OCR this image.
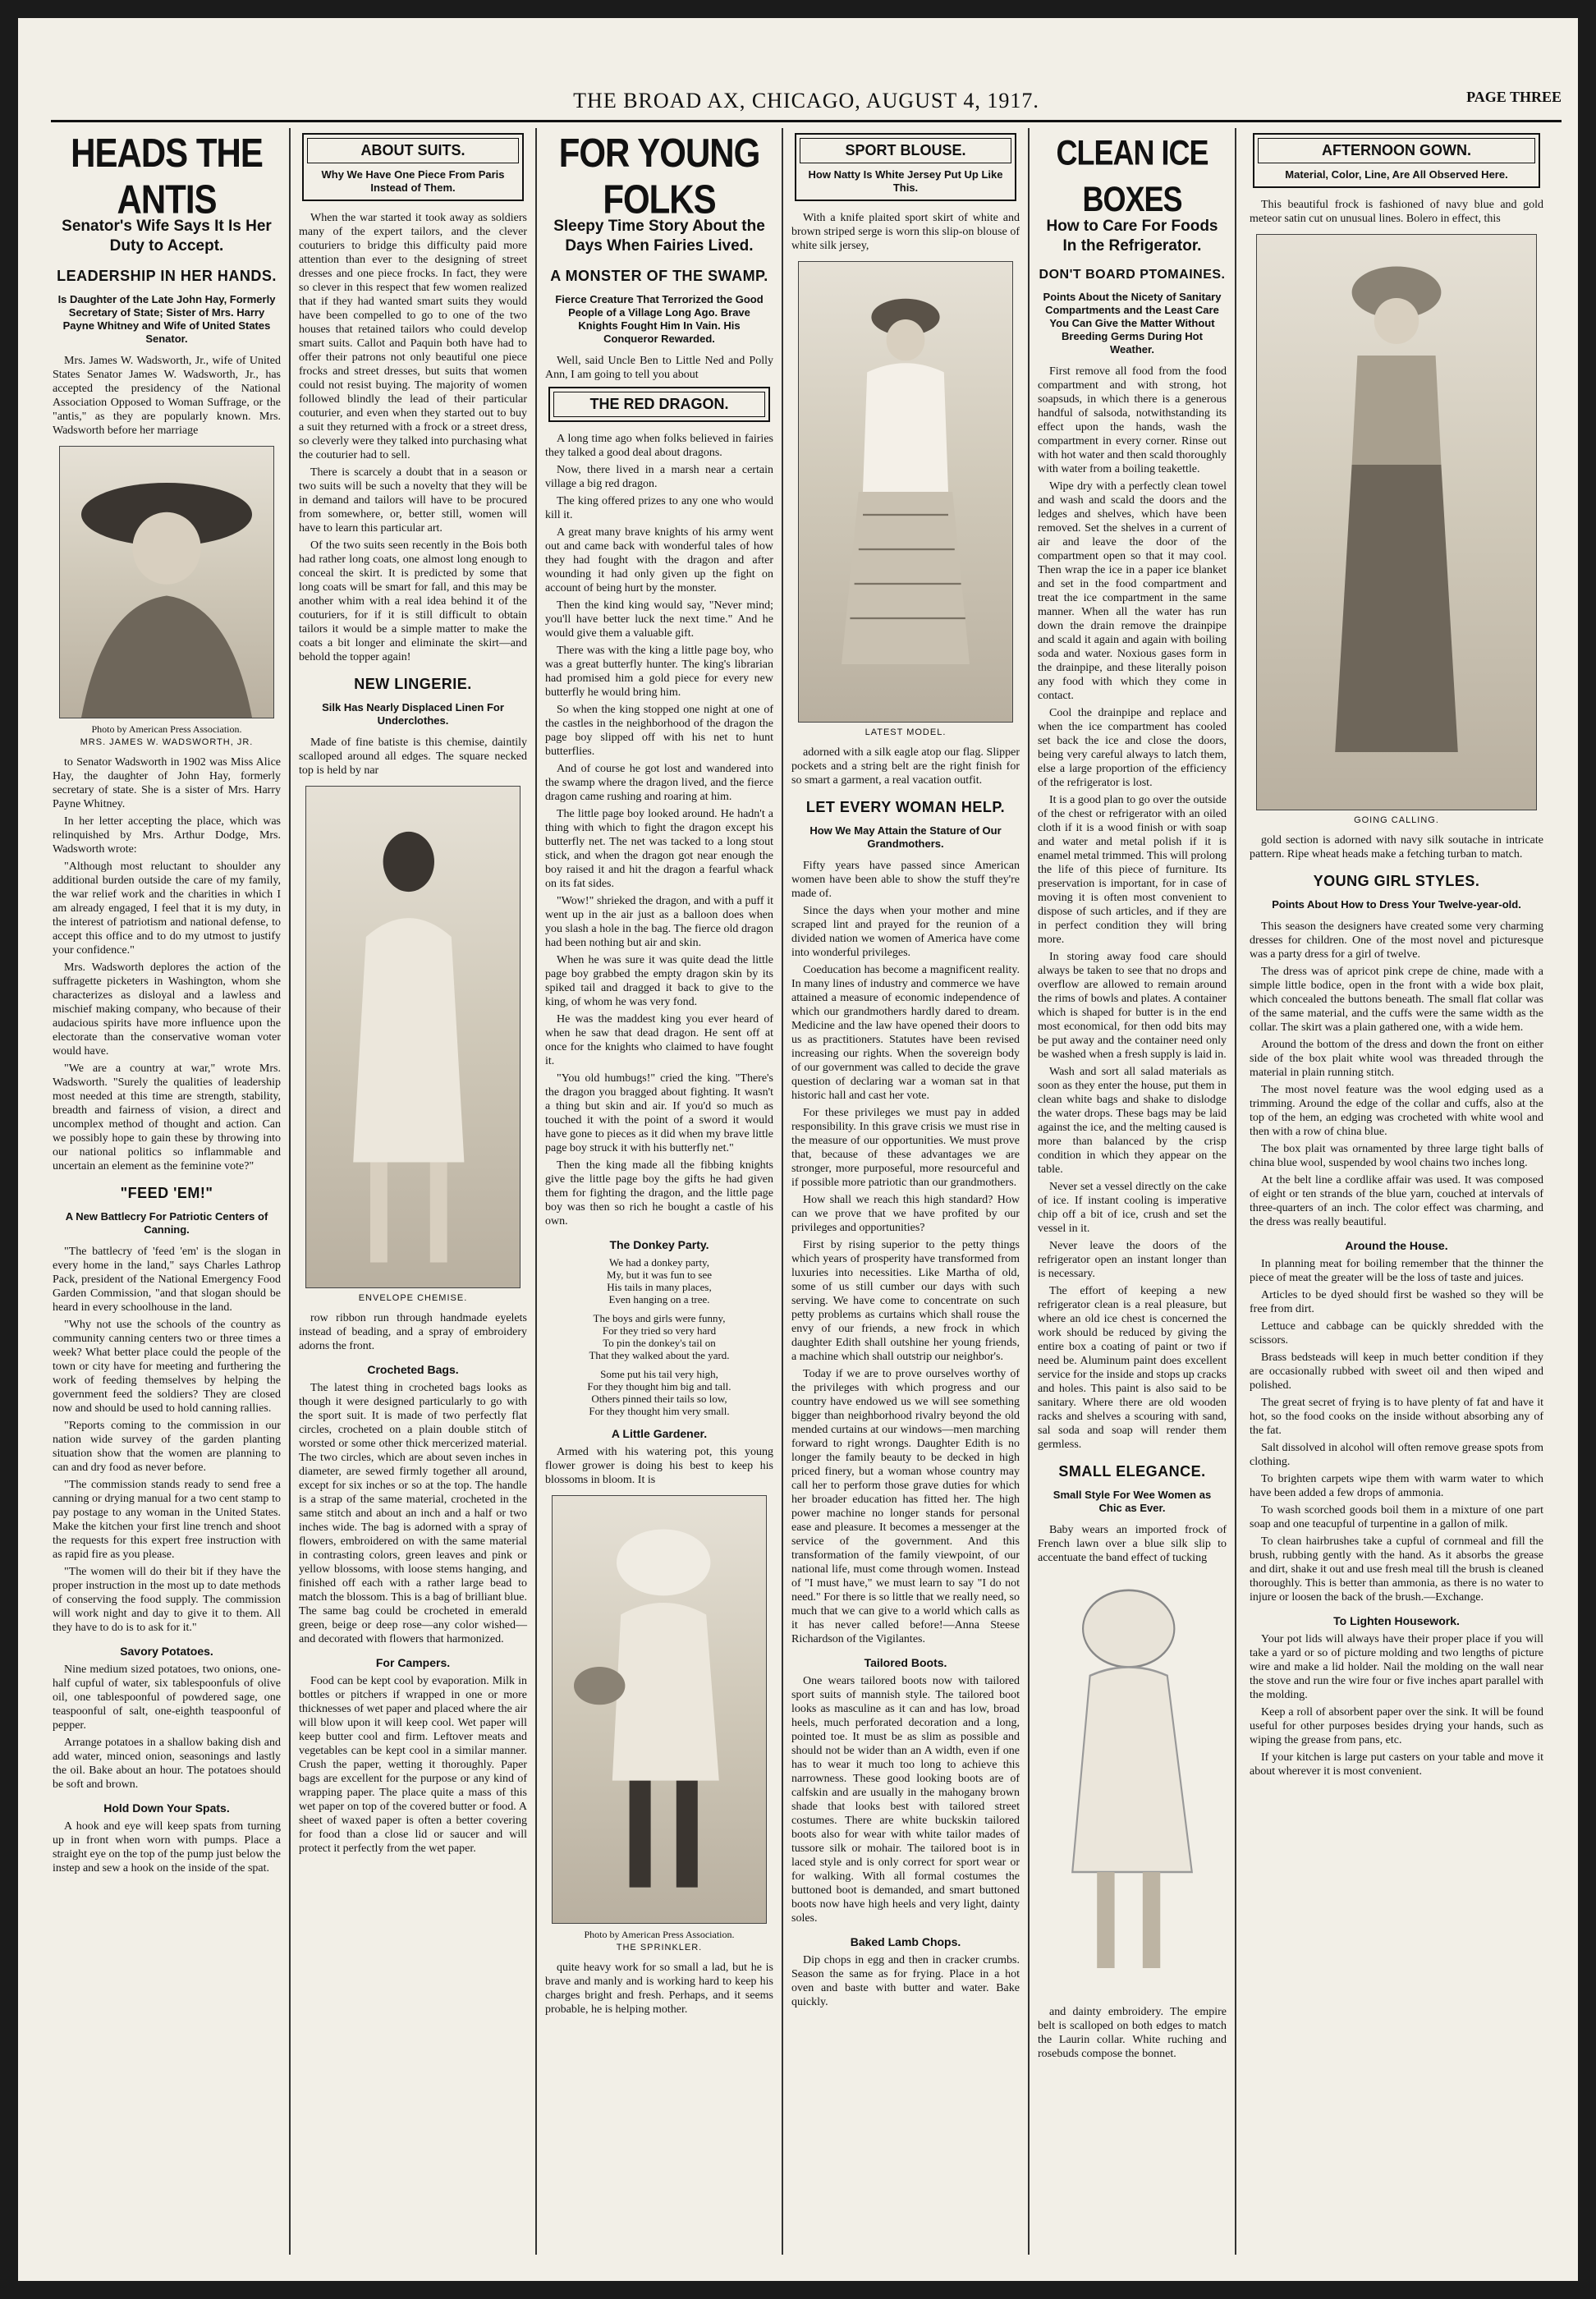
THE BROAD AX, CHICAGO, AUGUST 4, 1917.	PAGE THREE
HEADS THE ANTIS
Senator's Wife Says It Is Her Duty to Accept.
LEADERSHIP IN HER HANDS.
Is Daughter of the Late John Hay, Formerly Secretary of State; Sister of Mrs. Harry Payne Whitney and Wife of United States Senator.

Mrs. James W. Wadsworth, Jr., wife of United States Senator James W. Wadsworth, Jr., has accepted the presidency of the National Association Opposed to Woman Suffrage, or the "antis," as they are popularly known. Mrs. Wadsworth before her marriage

Photo by American Press Association.
MRS. JAMES W. WADSWORTH, JR.

to Senator Wadsworth in 1902 was Miss Alice Hay, the daughter of John Hay, formerly secretary of state. She is a sister of Mrs. Harry Payne Whitney.

In her letter accepting the place, which was relinquished by Mrs. Arthur Dodge, Mrs. Wadsworth wrote:

"Although most reluctant to shoulder any additional burden outside the care of my family, the war relief work and the charities in which I am already engaged, I feel that it is my duty, in the interest of patriotism and national defense, to accept this office and to do my utmost to justify your confidence."

Mrs. Wadsworth deplores the action of the suffragette picketers in Washington, whom she characterizes as disloyal and a lawless and mischief making company, who because of their audacious spirits have more influence upon the electorate than the conservative woman voter would have.

"We are a country at war," wrote Mrs. Wadsworth. "Surely the qualities of leadership most needed at this time are strength, stability, breadth and fairness of vision, a direct and uncomplex method of thought and action. Can we possibly hope to gain these by throwing into our national politics so inflammable and uncertain an element as the feminine vote?"

"FEED 'EM!"
A New Battlecry For Patriotic Centers of Canning.

"The battlecry of 'feed 'em' is the slogan in every home in the land," says Charles Lathrop Pack, president of the National Emergency Food Garden Commission, "and that slogan should be heard in every schoolhouse in the land.

"Why not use the schools of the country as community canning centers two or three times a week? What better place could the people of the town or city have for meeting and furthering the work of feeding themselves by helping the government feed the soldiers? They are closed now and should be used to hold canning rallies.

"Reports coming to the commission in our nation wide survey of the garden planting situation show that the women are planning to can and dry food as never before.

"The commission stands ready to send free a canning or drying manual for a two cent stamp to pay postage to any woman in the United States. Make the kitchen your first line trench and shoot the requests for this expert free instruction with as rapid fire as you please.

"The women will do their bit if they have the proper instruction in the most up to date methods of conserving the food supply. The commission will work night and day to give it to them. All they have to do is to ask for it."

Savory Potatoes.

Nine medium sized potatoes, two onions, one-half cupful of water, six tablespoonfuls of olive oil, one tablespoonful of powdered sage, one teaspoonful of salt, one-eighth teaspoonful of pepper.

Arrange potatoes in a shallow baking dish and add water, minced onion, seasonings and lastly the oil. Bake about an hour. The potatoes should be soft and brown.

Hold Down Your Spats.

A hook and eye will keep spats from turning up in front when worn with pumps. Place a straight eye on the top of the pump just below the instep and sew a hook on the inside of the spat.

ABOUT SUITS.
Why We Have One Piece From Paris Instead of Them.

When the war started it took away as soldiers many of the expert tailors, and the clever couturiers to bridge this difficulty paid more attention than ever to the designing of street dresses and one piece frocks. In fact, they were so clever in this respect that few women realized that if they had wanted smart suits they would have been compelled to go to one of the two houses that retained tailors who could develop smart suits. Callot and Paquin both have had to offer their patrons not only beautiful one piece frocks and street dresses, but suits that women could not resist buying. The majority of women followed blindly the lead of their particular couturier, and even when they started out to buy a suit they returned with a frock or a street dress, so cleverly were they talked into purchasing what the couturier had to sell.

There is scarcely a doubt that in a season or two suits will be such a novelty that they will be in demand and tailors will have to be procured from somewhere, or, better still, women will have to learn this particular art.

Of the two suits seen recently in the Bois both had rather long coats, one almost long enough to conceal the skirt. It is predicted by some that long coats will be smart for fall, and this may be another whim with a real idea behind it of the couturiers, for if it is still difficult to obtain tailors it would be a simple matter to make the coats a bit longer and eliminate the skirt—and behold the topper again!

NEW LINGERIE.
Silk Has Nearly Displaced Linen For Underclothes.

Made of fine batiste is this chemise, daintily scalloped around all edges. The square necked top is held by nar

ENVELOPE CHEMISE.

row ribbon run through handmade eyelets instead of beading, and a spray of embroidery adorns the front.

Crocheted Bags.

The latest thing in crocheted bags looks as though it were designed particularly to go with the sport suit. It is made of two perfectly flat circles, crocheted on a plain double stitch of worsted or some other thick mercerized material. The two circles, which are about seven inches in diameter, are sewed firmly together all around, except for six inches or so at the top. The handle is a strap of the same material, crocheted in the same stitch and about an inch and a half or two inches wide. The bag is adorned with a spray of flowers, embroidered on with the same material in contrasting colors, green leaves and pink or yellow blossoms, with loose stems hanging, and finished off each with a rather large bead to match the blossom. This is a bag of brilliant blue. The same bag could be crocheted in emerald green, beige or deep rose—any color wished—and decorated with flowers that harmonized.

For Campers.

Food can be kept cool by evaporation. Milk in bottles or pitchers if wrapped in one or more thicknesses of wet paper and placed where the air will blow upon it will keep cool. Wet paper will keep butter cool and firm. Leftover meats and vegetables can be kept cool in a similar manner. Crush the paper, wetting it thoroughly. Paper bags are excellent for the purpose or any kind of wrapping paper. The place quite a mass of this wet paper on top of the covered butter or food. A sheet of waxed paper is often a better covering for food than a close lid or saucer and will protect it perfectly from the wet paper.

FOR YOUNG FOLKS
Sleepy Time Story About the Days When Fairies Lived.
A MONSTER OF THE SWAMP.
Fierce Creature That Terrorized the Good People of a Village Long Ago. Brave Knights Fought Him In Vain. His Conqueror Rewarded.

Well, said Uncle Ben to Little Ned and Polly Ann, I am going to tell you about

THE RED DRAGON.

A long time ago when folks believed in fairies they talked a good deal about dragons.

Now, there lived in a marsh near a certain village a big red dragon.

The king offered prizes to any one who would kill it.

A great many brave knights of his army went out and came back with wonderful tales of how they had fought with the dragon and after wounding it had only given up the fight on account of being hurt by the monster.

Then the kind king would say, "Never mind; you'll have better luck the next time." And he would give them a valuable gift.

There was with the king a little page boy, who was a great butterfly hunter. The king's librarian had promised him a gold piece for every new butterfly he would bring him.

So when the king stopped one night at one of the castles in the neighborhood of the dragon the page boy slipped off with his net to hunt butterflies.

And of course he got lost and wandered into the swamp where the dragon lived, and the fierce dragon came rushing and roaring at him.

The little page boy looked around. He hadn't a thing with which to fight the dragon except his butterfly net. The net was tacked to a long stout stick, and when the dragon got near enough the boy raised it and hit the dragon a fearful whack on its fat sides.

"Wow!" shrieked the dragon, and with a puff it went up in the air just as a balloon does when you slash a hole in the bag. The fierce old dragon had been nothing but air and skin.

When he was sure it was quite dead the little page boy grabbed the empty dragon skin by its spiked tail and dragged it back to give to the king, of whom he was very fond.

He was the maddest king you ever heard of when he saw that dead dragon. He sent off at once for the knights who claimed to have fought it.

"You old humbugs!" cried the king. "There's the dragon you bragged about fighting. It wasn't a thing but skin and air. If you'd so much as touched it with the point of a sword it would have gone to pieces as it did when my brave little page boy struck it with his butterfly net."

Then the king made all the fibbing knights give the little page boy the gifts he had given them for fighting the dragon, and the little page boy was then so rich he bought a castle of his own.

The Donkey Party.
We had a donkey party,
My, but it was fun to see
His tails in many places,
Even hanging on a tree.
The boys and girls were funny,
For they tried so very hard
To pin the donkey's tail on
That they walked about the yard.
Some put his tail very high,
For they thought him big and tall.
Others pinned their tails so low,
For they thought him very small.
A Little Gardener.

Armed with his watering pot, this young flower grower is doing his best to keep his blossoms in bloom. It is

Photo by American Press Association.
THE SPRINKLER.

quite heavy work for so small a lad, but he is brave and manly and is working hard to keep his charges bright and fresh. Perhaps, and it seems probable, he is helping mother.

SPORT BLOUSE.
How Natty Is White Jersey Put Up Like This.

With a knife plaited sport skirt of white and brown striped serge is worn this slip-on blouse of white silk jersey,

LATEST MODEL.

adorned with a silk eagle atop our flag. Slipper pockets and a string belt are the right finish for so smart a garment, a real vacation outfit.

LET EVERY WOMAN HELP.
How We May Attain the Stature of Our Grandmothers.

Fifty years have passed since American women have been able to show the stuff they're made of.

Since the days when your mother and mine scraped lint and prayed for the reunion of a divided nation we women of America have come into wonderful privileges.

Coeducation has become a magnificent reality. In many lines of industry and commerce we have attained a measure of economic independence of which our grandmothers hardly dared to dream. Medicine and the law have opened their doors to us as practitioners. Statutes have been revised increasing our rights. When the sovereign body of our government was called to decide the grave question of declaring war a woman sat in that historic hall and cast her vote.

For these privileges we must pay in added responsibility. In this grave crisis we must rise in the measure of our opportunities. We must prove that, because of these advantages we are stronger, more purposeful, more resourceful and if possible more patriotic than our grandmothers.

How shall we reach this high standard? How can we prove that we have profited by our privileges and opportunities?

First by rising superior to the petty things which years of prosperity have transformed from luxuries into necessities. Like Martha of old, some of us still cumber our days with such serving. We have come to concentrate on such petty problems as curtains which shall rouse the envy of our friends, a new frock in which daughter Edith shall outshine her young friends, a machine which shall outstrip our neighbor's.

Today if we are to prove ourselves worthy of the privileges with which progress and our country have endowed us we will see something bigger than neighborhood rivalry beyond the old mended curtains at our windows—men marching forward to right wrongs. Daughter Edith is no longer the family beauty to be decked in high priced finery, but a woman whose country may call her to perform those grave duties for which her broader education has fitted her. The high power machine no longer stands for personal ease and pleasure. It becomes a messenger at the service of the government. And this transformation of the family viewpoint, of our national life, must come through women. Instead of "I must have," we must learn to say "I do not need." For there is so little that we really need, so much that we can give to a world which calls as it has never called before!—Anna Steese Richardson of the Vigilantes.

Tailored Boots.

One wears tailored boots now with tailored sport suits of mannish style. The tailored boot looks as masculine as it can and has low, broad heels, much perforated decoration and a long, pointed toe. It must be as slim as possible and should not be wider than an A width, even if one has to wear it much too long to achieve this narrowness. These good looking boots are of calfskin and are usually in the mahogany brown shade that looks best with tailored street costumes. There are white buckskin tailored boots also for wear with white tailor mades of tussore silk or mohair. The tailored boot is in laced style and is only correct for sport wear or for walking. With all formal costumes the buttoned boot is demanded, and smart buttoned boots now have high heels and very light, dainty soles.

Baked Lamb Chops.

Dip chops in egg and then in cracker crumbs. Season the same as for frying. Place in a hot oven and baste with butter and water. Bake quickly.

CLEAN ICE BOXES
How to Care For Foods In the Refrigerator.
DON'T BOARD PTOMAINES.
Points About the Nicety of Sanitary Compartments and the Least Care You Can Give the Matter Without Breeding Germs During Hot Weather.

First remove all food from the food compartment and with strong, hot soapsuds, in which there is a generous handful of salsoda, notwithstanding its effect upon the hands, wash the compartment in every corner. Rinse out with hot water and then scald thoroughly with water from a boiling teakettle.

Wipe dry with a perfectly clean towel and wash and scald the doors and the ledges and shelves, which have been removed. Set the shelves in a current of air and leave the door of the compartment open so that it may cool. Then wrap the ice in a paper ice blanket and set in the food compartment and treat the ice compartment in the same manner. When all the water has run down the drain remove the drainpipe and scald it again and again with boiling soda and water. Noxious gases form in the drainpipe, and these literally poison any food with which they come in contact.

Cool the drainpipe and replace and when the ice compartment has cooled set back the ice and close the doors, being very careful always to latch them, else a large proportion of the efficiency of the refrigerator is lost.

It is a good plan to go over the outside of the chest or refrigerator with an oiled cloth if it is a wood finish or with soap and water and metal polish if it is enamel metal trimmed. This will prolong the life of this piece of furniture. Its preservation is important, for in case of moving it is often most convenient to dispose of such articles, and if they are in perfect condition they will bring more.

In storing away food care should always be taken to see that no drops and overflow are allowed to remain around the rims of bowls and plates. A container which is shaped for butter is in the end most economical, for then odd bits may be put away and the container need only be washed when a fresh supply is laid in.

Wash and sort all salad materials as soon as they enter the house, put them in clean white bags and shake to dislodge the water drops. These bags may be laid against the ice, and the melting caused is more than balanced by the crisp condition in which they appear on the table.

Never set a vessel directly on the cake of ice. If instant cooling is imperative chip off a bit of ice, crush and set the vessel in it.

Never leave the doors of the refrigerator open an instant longer than is necessary.

The effort of keeping a new refrigerator clean is a real pleasure, but where an old ice chest is concerned the work should be reduced by giving the entire box a coating of paint or two if need be. Aluminum paint does excellent service for the inside and stops up cracks and holes. This paint is also said to be sanitary. Where there are old wooden racks and shelves a scouring with sand, sal soda and soap will render them germless.

SMALL ELEGANCE.
Small Style For Wee Women as Chic as Ever.

Baby wears an imported frock of French lawn over a blue silk slip to accentuate the band effect of tucking

and dainty embroidery. The empire belt is scalloped on both edges to match the Laurin collar. White ruching and rosebuds compose the bonnet.

AFTERNOON GOWN.
Material, Color, Line, Are All Observed Here.

This beautiful frock is fashioned of navy blue and gold meteor satin cut on unusual lines. Bolero in effect, this

GOING CALLING.

gold section is adorned with navy silk soutache in intricate pattern. Ripe wheat heads make a fetching turban to match.

YOUNG GIRL STYLES.
Points About How to Dress Your Twelve-year-old.

This season the designers have created some very charming dresses for children. One of the most novel and picturesque was a party dress for a girl of twelve.

The dress was of apricot pink crepe de chine, made with a simple little bodice, open in the front with a wide box plait, which concealed the buttons beneath. The small flat collar was of the same material, and the cuffs were the same width as the collar. The skirt was a plain gathered one, with a wide hem.

Around the bottom of the dress and down the front on either side of the box plait white wool was threaded through the material in plain running stitch.

The most novel feature was the wool edging used as a trimming. Around the edge of the collar and cuffs, also at the top of the hem, an edging was crocheted with white wool and then with a row of china blue.

The box plait was ornamented by three large tight balls of china blue wool, suspended by wool chains two inches long.

At the belt line a cordlike affair was used. It was composed of eight or ten strands of the blue yarn, couched at intervals of three-quarters of an inch. The color effect was charming, and the dress was really beautiful.

Around the House.

In planning meat for boiling remember that the thinner the piece of meat the greater will be the loss of taste and juices.

Articles to be dyed should first be washed so they will be free from dirt.

Lettuce and cabbage can be quickly shredded with the scissors.

Brass bedsteads will keep in much better condition if they are occasionally rubbed with sweet oil and then wiped and polished.

The great secret of frying is to have plenty of fat and have it hot, so the food cooks on the inside without absorbing any of the fat.

Salt dissolved in alcohol will often remove grease spots from clothing.

To brighten carpets wipe them with warm water to which have been added a few drops of ammonia.

To wash scorched goods boil them in a mixture of one part soap and one teacupful of turpentine in a gallon of milk.

To clean hairbrushes take a cupful of cornmeal and fill the brush, rubbing gently with the hand. As it absorbs the grease and dirt, shake it out and use fresh meal till the brush is cleaned thoroughly. This is better than ammonia, as there is no water to injure or loosen the back of the brush.—Exchange.

To Lighten Housework.

Your pot lids will always have their proper place if you will take a yard or so of picture molding and two lengths of picture wire and make a lid holder. Nail the molding on the wall near the stove and run the wire four or five inches apart parallel with the molding.

Keep a roll of absorbent paper over the sink. It will be found useful for other purposes besides drying your hands, such as wiping the grease from pans, etc.

If your kitchen is large put casters on your table and move it about wherever it is most convenient.
